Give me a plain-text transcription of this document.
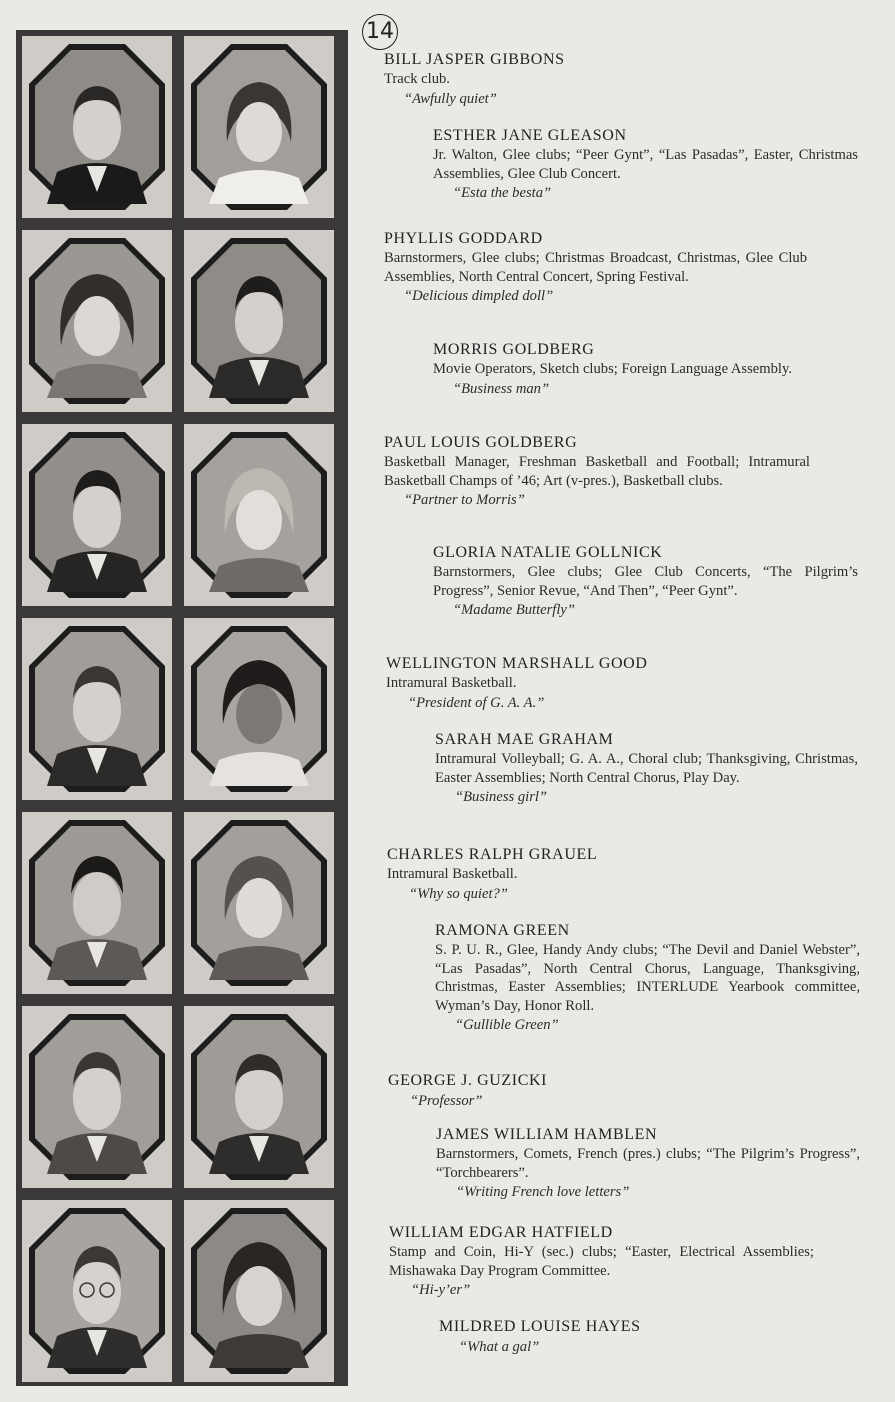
14
BILL JASPER GIBBONS
Track club.
“Awfully quiet”
ESTHER JANE GLEASON
Jr. Walton, Glee clubs; “Peer Gynt”, “Las Pasadas”, Easter, Christmas Assemblies, Glee Club Concert.
“Esta the besta”
PHYLLIS GODDARD
Barnstormers, Glee clubs; Christmas Broadcast, Christmas, Glee Club Assemblies, North Central Concert, Spring Festival.
“Delicious dimpled doll”
MORRIS GOLDBERG
Movie Operators, Sketch clubs; Foreign Language Assembly.
“Business man”
PAUL LOUIS GOLDBERG
Basketball Manager, Freshman Basketball and Football; Intramural Basketball Champs of ’46; Art (v-pres.), Basketball clubs.
“Partner to Morris”
GLORIA NATALIE GOLLNICK
Barnstormers, Glee clubs; Glee Club Concerts, “The Pilgrim’s Progress”, Senior Revue, “And Then”, “Peer Gynt”.
“Madame Butterfly”
WELLINGTON MARSHALL GOOD
Intramural Basketball.
“President of G. A. A.”
SARAH MAE GRAHAM
Intramural Volleyball; G. A. A., Choral club; Thanksgiving, Christmas, Easter Assemblies; North Central Chorus, Play Day.
“Business girl”
CHARLES RALPH GRAUEL
Intramural Basketball.
“Why so quiet?”
RAMONA GREEN
S. P. U. R., Glee, Handy Andy clubs; “The Devil and Daniel Webster”, “Las Pasadas”, North Central Chorus, Language, Thanksgiving, Christmas, Easter Assemblies; INTERLUDE Yearbook committee, Wyman’s Day, Honor Roll.
“Gullible Green”
GEORGE J. GUZICKI
“Professor”
JAMES WILLIAM HAMBLEN
Barnstormers, Comets, French (pres.) clubs; “The Pilgrim’s Progress”, “Torchbearers”.
“Writing French love letters”
WILLIAM EDGAR HATFIELD
Stamp and Coin, Hi-Y (sec.) clubs; “Easter, Electrical Assemblies; Mishawaka Day Program Committee.
“Hi-y’er”
MILDRED LOUISE HAYES
“What a gal”
